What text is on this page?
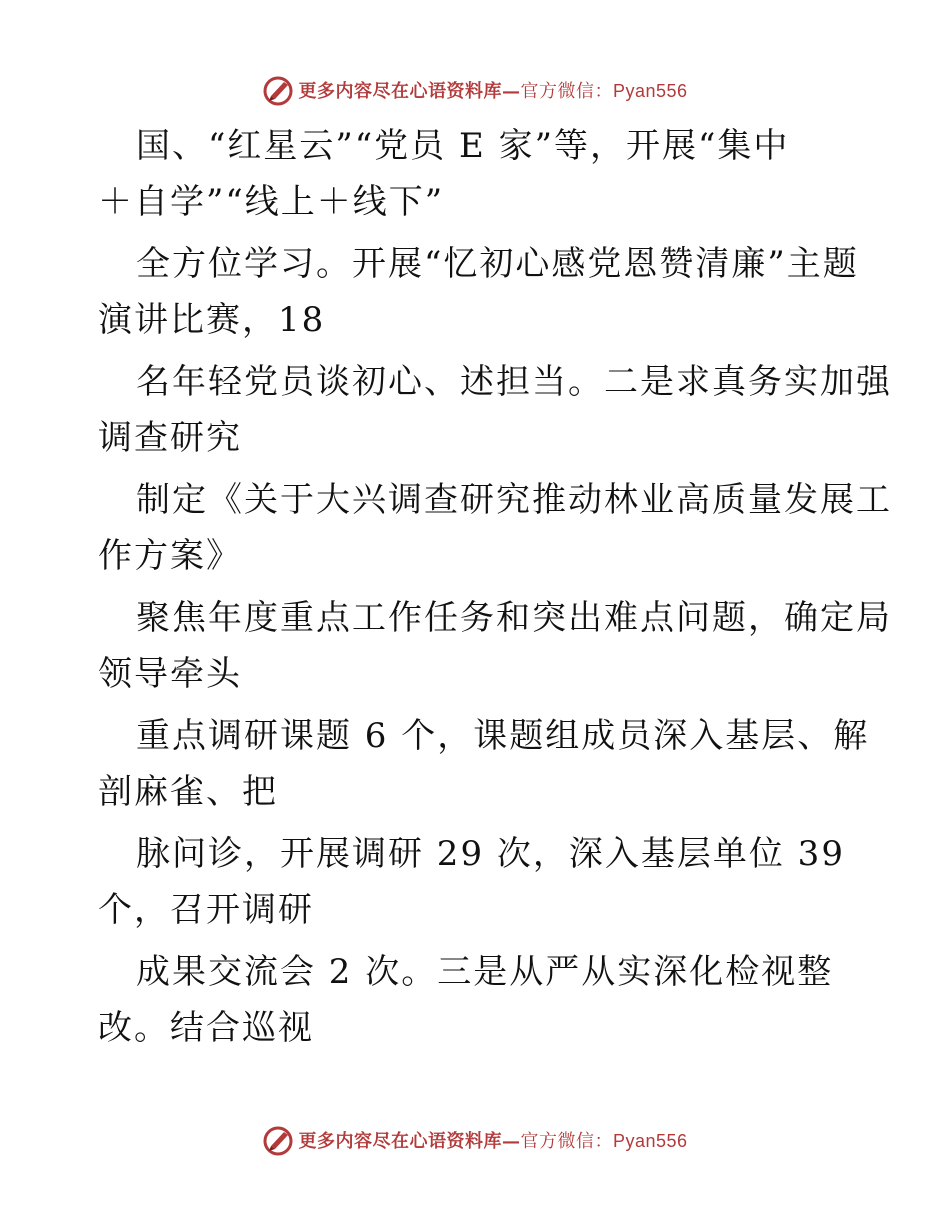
更多内容尽在心语资料库—官方微信：Pyan556
国、“红星云”“党员 E 家”等，开展“集中
＋自学”“线上＋线下”
全方位学习。开展“忆初心感党恩赞清廉”主题
演讲比赛，18
名年轻党员谈初心、述担当。二是求真务实加强
调查研究
制定《关于大兴调查研究推动林业高质量发展工
作方案》
聚焦年度重点工作任务和突出难点问题，确定局
领导牵头
重点调研课题 6 个，课题组成员深入基层、解
剖麻雀、把
脉问诊，开展调研 29 次，深入基层单位 39
个，召开调研
成果交流会 2 次。三是从严从实深化检视整
改。结合巡视
更多内容尽在心语资料库—官方微信：Pyan556
